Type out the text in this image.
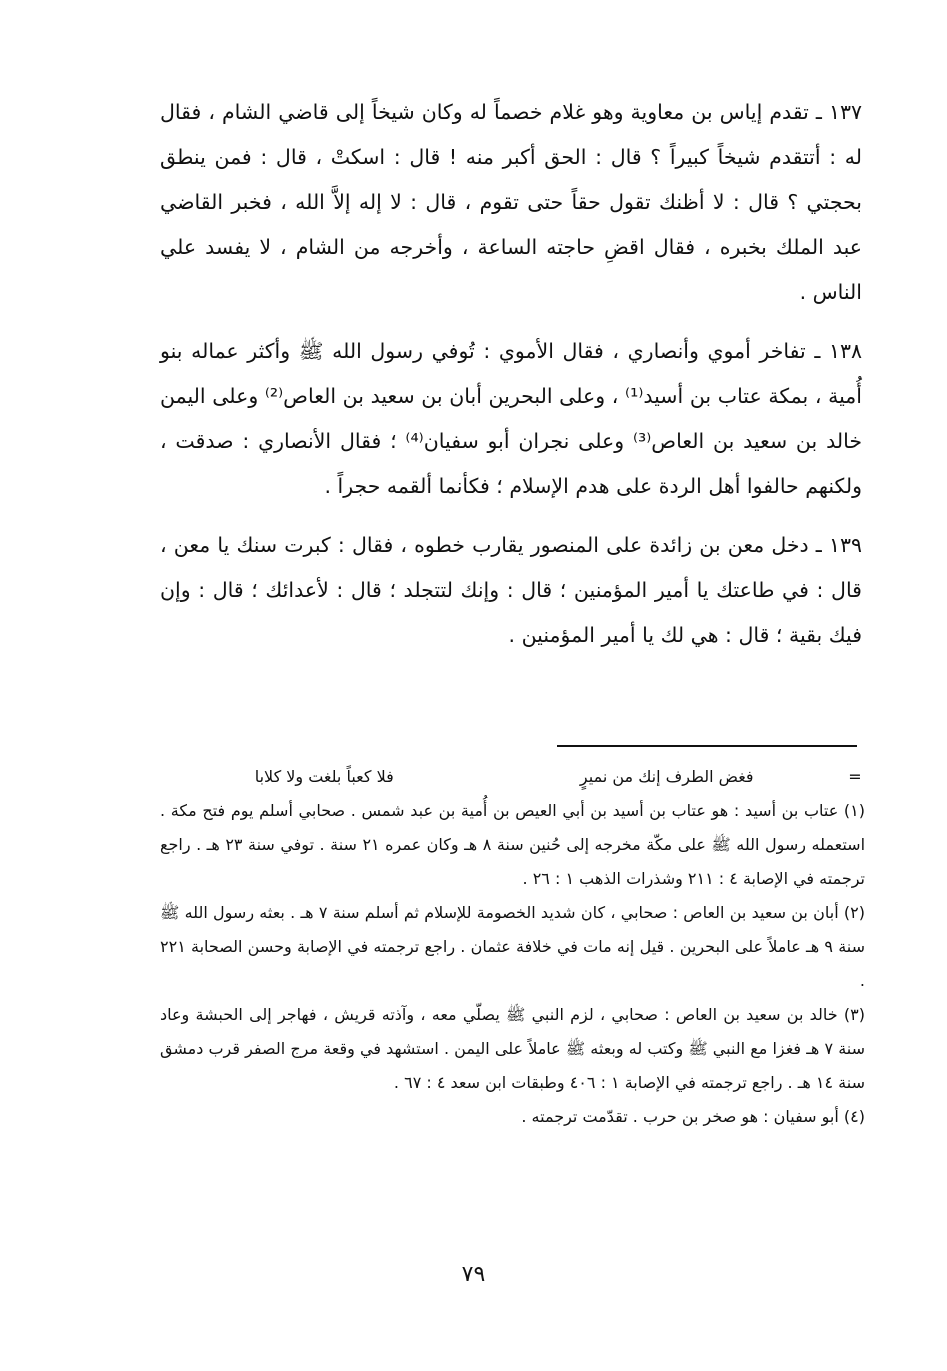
١٣٧ ـ تقدم إياس بن معاوية وهو غلام خصماً له وكان شيخاً إلى قاضي الشام ، فقال له : أتتقدم شيخاً كبيراً ؟ قال : الحق أكبر منه ! قال : اسكتْ ، قال : فمن ينطق بحجتي ؟ قال : لا أظنك تقول حقاً حتى تقوم ، قال : لا إله إلاَّ الله ، فخبر القاضي عبد الملك بخبره ، فقال اقضِ حاجته الساعة ، وأخرجه من الشام ، لا يفسد علي الناس .

١٣٨ ـ تفاخر أموي وأنصاري ، فقال الأموي : تُوفي رسول الله ﷺ وأكثر عماله بنو أُمية ، بمكة عتاب بن أسيد⁽¹⁾ ، وعلى البحرين أبان بن سعيد بن العاص⁽²⁾ وعلى اليمن خالد بن سعيد بن العاص⁽³⁾ وعلى نجران أبو سفيان⁽⁴⁾ ؛ فقال الأنصاري : صدقت ، ولكنهم حالفوا أهل الردة على هدم الإسلام ؛ فكأنما ألقمه حجراً .

١٣٩ ـ دخل معن بن زائدة على المنصور يقارب خطوه ، فقال : كبرت سنك يا معن ، قال : في طاعتك يا أمير المؤمنين ؛ قال : وإنك لتتجلد ؛ قال : لأعدائك ؛ قال : وإن فيك بقية ؛ قال : هي لك يا أمير المؤمنين .

=
فغض الطرف إنك من نميرٍ
فلا كعباً بلغت ولا كلابا

(١) عتاب بن أسيد : هو عتاب بن أسيد بن أبي العيص بن أُمية بن عبد شمس . صحابي أسلم يوم فتح مكة . استعمله رسول الله ﷺ على مكّة مخرجه إلى حُنين سنة ٨ هـ وكان عمره ٢١ سنة . توفي سنة ٢٣ هـ . راجع ترجمته في الإصابة ٤ : ٢١١ وشذرات الذهب ١ : ٢٦ .

(٢) أبان بن سعيد بن العاص : صحابي ، كان شديد الخصومة للإسلام ثم أسلم سنة ٧ هـ . بعثه رسول الله ﷺ سنة ٩ هـ عاملاً على البحرين . قيل إنه مات في خلافة عثمان . راجع ترجمته في الإصابة وحسن الصحابة ٢٢١ .

(٣) خالد بن سعيد بن العاص : صحابي ، لزم النبي ﷺ يصلّي معه ، وآذته قريش ، فهاجر إلى الحبشة وعاد سنة ٧ هـ فغزا مع النبي ﷺ وكتب له وبعثه ﷺ عاملاً على اليمن . استشهد في وقعة مرج الصفر قرب دمشق سنة ١٤ هـ . راجع ترجمته في الإصابة ١ : ٤٠٦ وطبقات ابن سعد ٤ : ٦٧ .

(٤) أبو سفيان : هو صخر بن حرب . تقدّمت ترجمته .

٧٩
